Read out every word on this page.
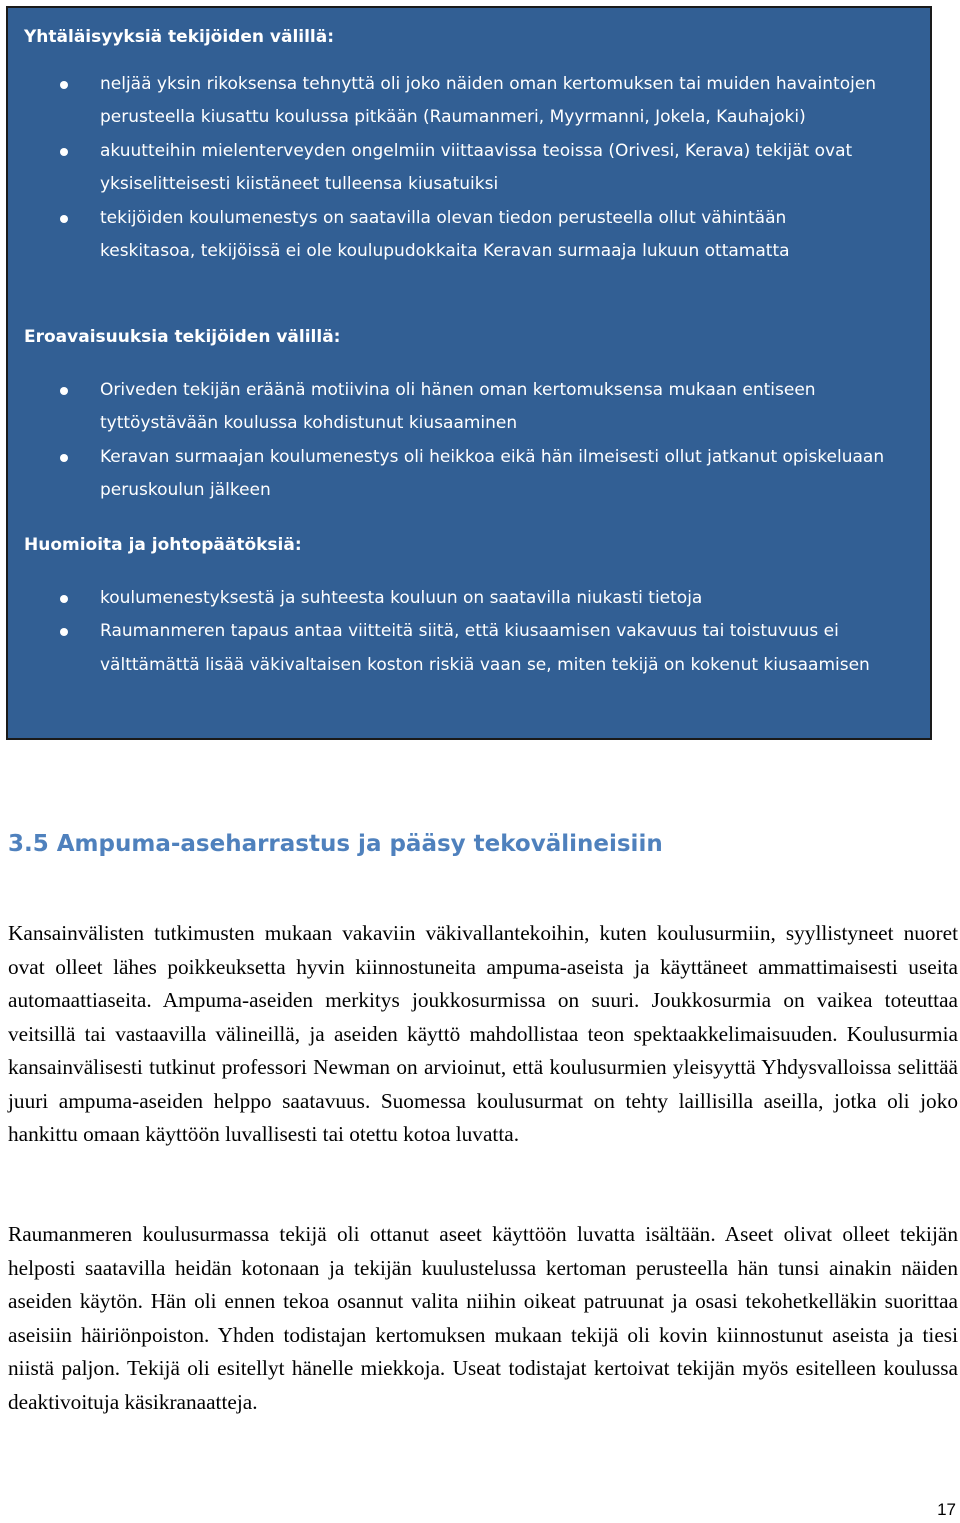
Yhtäläisyyksiä tekijöiden välillä:
neljää yksin rikoksensa tehnyttä oli joko näiden oman kertomuksen tai muiden havaintojen perusteella kiusattu koulussa pitkään (Raumanmeri, Myyrmanni, Jokela, Kauhajoki)
akuutteihin mielenterveyden ongelmiin viittaavissa teoissa (Orivesi, Kerava) tekijät ovat yksiselitteisesti kiistäneet tulleensa kiusatuiksi
tekijöiden koulumenestys on saatavilla olevan tiedon perusteella ollut vähintään keskitasoa, tekijöissä ei ole koulupudokkaita Keravan surmaaja lukuun ottamatta
Eroavaisuuksia tekijöiden välillä:
Oriveden tekijän eräänä motiivina oli hänen oman kertomuksensa mukaan entiseen tyttöystävään koulussa kohdistunut kiusaaminen
Keravan surmaajan koulumenestys oli heikkoa eikä hän ilmeisesti ollut jatkanut opiskeluaan peruskoulun jälkeen
Huomioita ja johtopäätöksiä:
koulumenestyksestä ja suhteesta kouluun on saatavilla niukasti tietoja
Raumanmeren tapaus antaa viitteitä siitä, että kiusaamisen vakavuus tai toistuvuus ei välttämättä lisää väkivaltaisen koston riskiä vaan se, miten tekijä on kokenut kiusaamisen
3.5 Ampuma-aseharrastus ja pääsy tekovälineisiin

Kansainvälisten tutkimusten mukaan vakaviin väkivallantekoihin, kuten koulusurmiin, syyllistyneet nuoret ovat olleet lähes poikkeuksetta hyvin kiinnostuneita ampuma-aseista ja käyttäneet ammattimaisesti useita automaattiaseita. Ampuma-aseiden merkitys joukkosurmissa on suuri. Joukkosurmia on vaikea toteuttaa veitsillä tai vastaavilla välineillä, ja aseiden käyttö mahdollistaa teon spektaakkelimaisuuden. Koulusurmia kansainvälisesti tutkinut professori Newman on arvioinut, että koulusurmien yleisyyttä Yhdysvalloissa selittää juuri ampuma-aseiden helppo saatavuus. Suomessa koulusurmat on tehty laillisilla aseilla, jotka oli joko hankittu omaan käyttöön luvallisesti tai otettu kotoa luvatta.

Raumanmeren koulusurmassa tekijä oli ottanut aseet käyttöön luvatta isältään. Aseet olivat olleet tekijän helposti saatavilla heidän kotonaan ja tekijän kuulustelussa kertoman perusteella hän tunsi ainakin näiden aseiden käytön. Hän oli ennen tekoa osannut valita niihin oikeat patruunat ja osasi tekohetkelläkin suorittaa aseisiin häiriönpoiston. Yhden todistajan kertomuksen mukaan tekijä oli kovin kiinnostunut aseista ja tiesi niistä paljon. Tekijä oli esitellyt hänelle miekkoja. Useat todistajat kertoivat tekijän myös esitelleen koulussa deaktivoituja käsikranaatteja.

17
